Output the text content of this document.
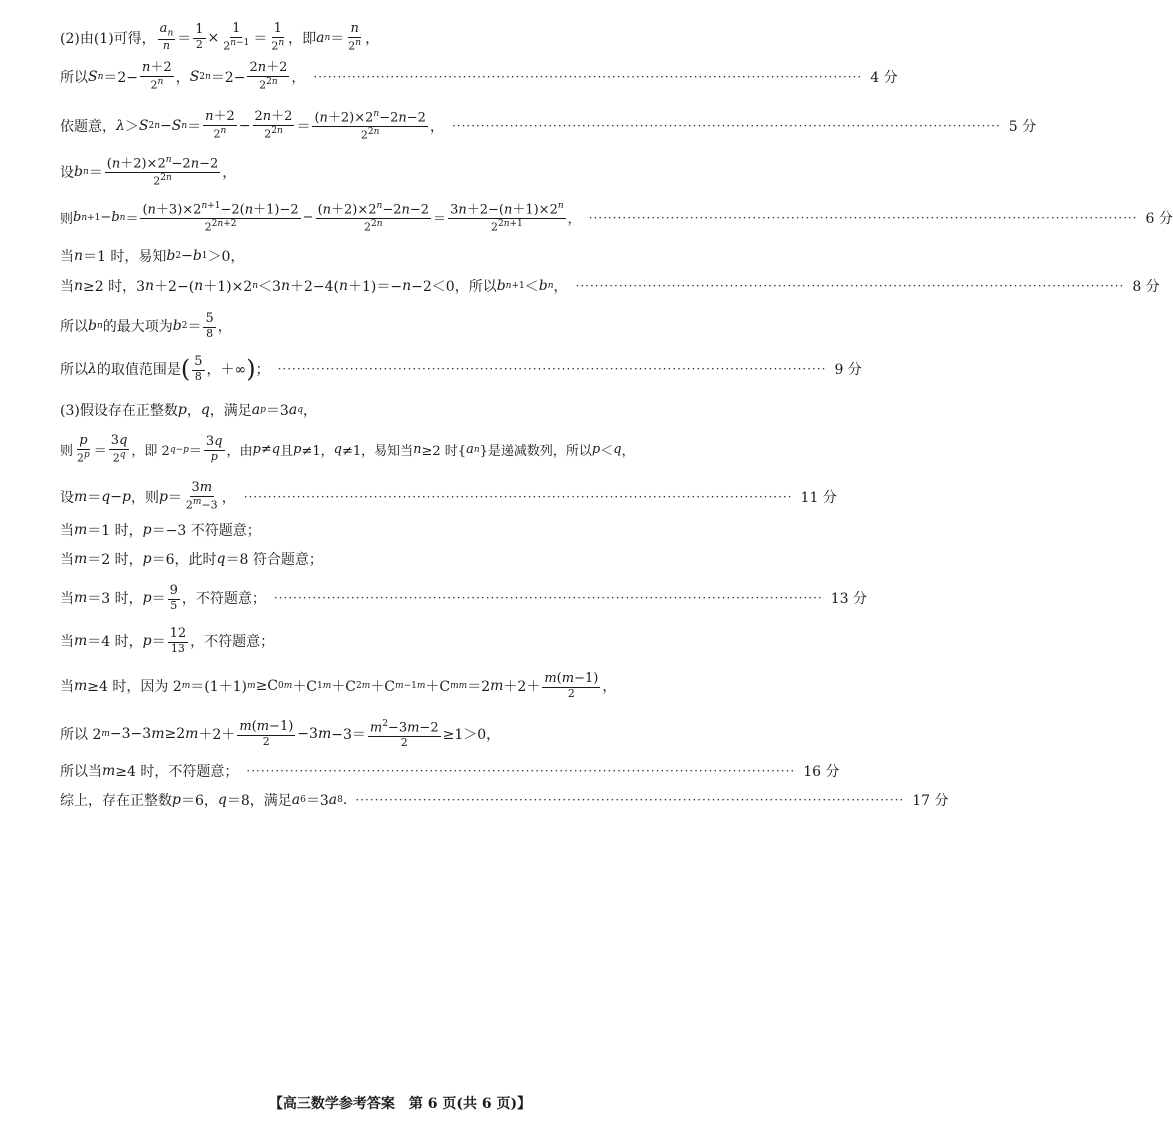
(2)由(1)可得， $\frac{a_n}{n} = \frac{1}{2} \times \frac{1}{2^{n-1}} = \frac{1}{2^n}$ ，即 a $n = \frac{n}{2^n}$ ，
所以 S $n =2- \frac{n+2}{2^n}$ ， S $2n =2- \frac{2n+2}{2^{2n}}$ ， ·················································································································· 4 分
依题意， λ ＞ S 2n − S $n = \frac{n+2}{2^n} - \frac{2n+2}{2^{2n}} = \frac{(n+2)\times 2^n-2n-2}{2^{2n}}$ ， ·················································································································· 5 分
设 b $n = \frac{(n+2)\times 2^n-2n-2}{2^{2n}}$ ，
则 b n+1 − b $n = \frac{(n+3)\times 2^{n+1}-2(n+1)-2}{2^{2n+2}} - \frac{(n+2)\times 2^n-2n-2}{2^{2n}} = \frac{3n+2-(n+1)\times 2^n}{2^{2n+1}}$ ， ·················································································································· 6 分
当 n ＝1 时，易知 b 2 − b 1 ＞0，
当 n ≥2 时，3 n ＋2−( n ＋1)×2 n ＜3 n ＋2−4( n ＋1)＝− n −2＜0，所以 b n+1 ＜ b n ， ·················································································································· 8 分
所以 b n 的最大项为 b $2 = \frac{5}{8}$ ，
所以 λ 的取值范围是 ( $\frac{5}{8}$ ，＋∞ ) ； ·················································································································· 9 分
(3)假设存在正整数 p ， q ，满足 a p ＝3 a q ，
则 $\frac{p}{2^p} = \frac{3q}{2^q}$ ，即 2 $q-p = \frac{3q}{p}$ ，由 p ≠ q 且 p ≠1， q ≠1，易知当 n ≥2 时{ a n }是递减数列，所以 p ＜ q ，
设 m ＝ q − p ，则 $p = \frac{3m}{2^m-3}$ ， ·················································································································· 11 分
当 m ＝1 时， p ＝−3 不符题意；
当 m ＝2 时， p ＝6，此时 q ＝8 符合题意；
当 m ＝3 时， $p = \frac{9}{5}$ ，不符题意； ·················································································································· 13 分
当 m ＝4 时， $p = \frac{12}{13}$ ，不符题意；
当 m ≥4 时，因为 2 m ＝(1＋1) m ≥C 0 m ＋C 1 m ＋C 2 m ＋C m−1 m ＋C m m ＝2 $m +2+ \frac{m(m-1)}{2}$ ，
所以 2 m −3−3 m ≥2 $m +2+ \frac{m(m-1)}{2} -3$ $m -3= \frac{m^2-3m-2}{2} \ge 1>0$，
所以当 m ≥4 时，不符题意； ·················································································································· 16 分
综上，存在正整数 p ＝6， q ＝8，满足 a 6 ＝3 a 8 . ·················································································································· 17 分
【高三数学参考答案　第 6 页(共 6 页)】
